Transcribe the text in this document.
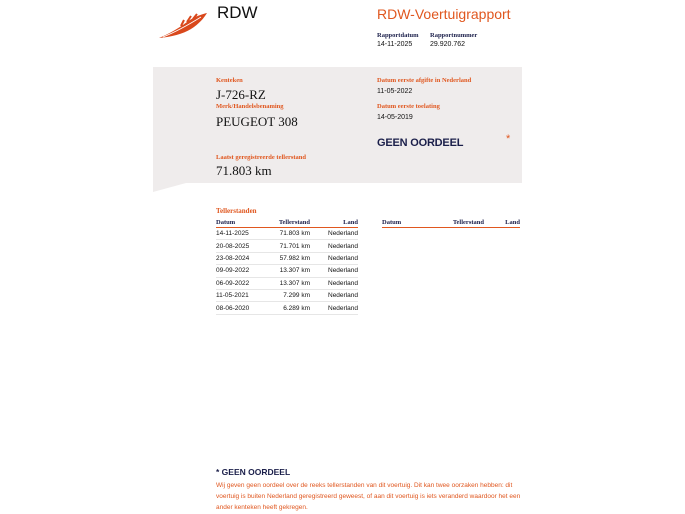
RDW	RDW-Voertuigrapport
Rapportdatum
14-11-2025
Rapportnummer
29.920.762
Kenteken
J-726-RZ
Merk/Handelsbenaming
PEUGEOT 308
Datum eerste afgifte in Nederland
11-05-2022
Datum eerste toelating
14-05-2019
GEEN OORDEEL	*
Laatst geregistreerde tellerstand
71.803 km
Tellerstanden
Datum	Tellerstand	Land
14-11-2025	71.803 km	Nederland
20-08-2025	71.701 km	Nederland
23-08-2024	57.982 km	Nederland
09-09-2022	13.307 km	Nederland
06-09-2022	13.307 km	Nederland
11-05-2021	7.299 km	Nederland
08-06-2020	6.289 km	Nederland
Datum	Tellerstand	Land
* GEEN OORDEEL
Wij geven geen oordeel over de reeks tellerstanden van dit voertuig. Dit kan twee oorzaken hebben: dit voertuig is buiten Nederland geregistreerd geweest, of aan dit voertuig is iets veranderd waardoor het een ander kenteken heeft gekregen.
